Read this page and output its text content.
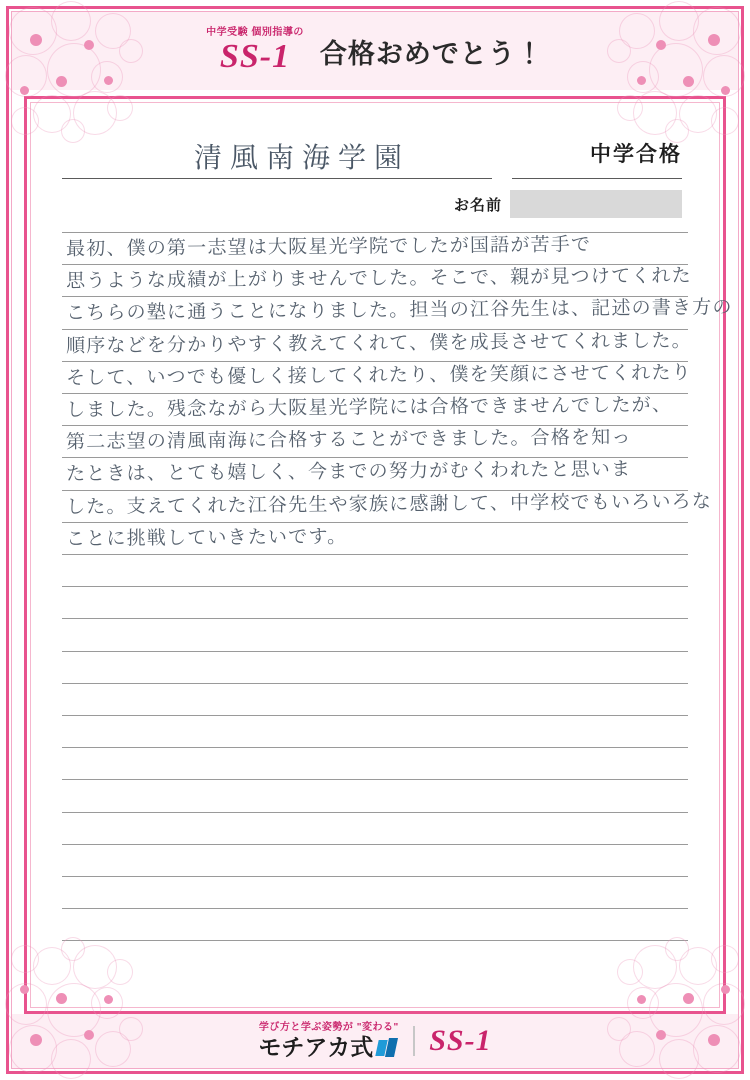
中学受験 個別指導の
SS-1 合格おめでとう！
清風南海学園	中学合格
お名前
最初、僕の第一志望は大阪星光学院でしたが国語が苦手で
思うような成績が上がりませんでした。そこで、親が見つけてくれた
こちらの塾に通うことになりました。担当の江谷先生は、記述の書き方の
順序などを分かりやすく教えてくれて、僕を成長させてくれました。
そして、いつでも優しく接してくれたり、僕を笑顔にさせてくれたり
しました。残念ながら大阪星光学院には合格できませんでしたが、
第二志望の清風南海に合格することができました。合格を知っ
たときは、とても嬉しく、今までの努力がむくわれたと思いま
した。支えてくれた江谷先生や家族に感謝して、中学校でもいろいろな
ことに挑戦していきたいです。
学び方と学ぶ姿勢が "変わる"
モチアカ式 SS-1
